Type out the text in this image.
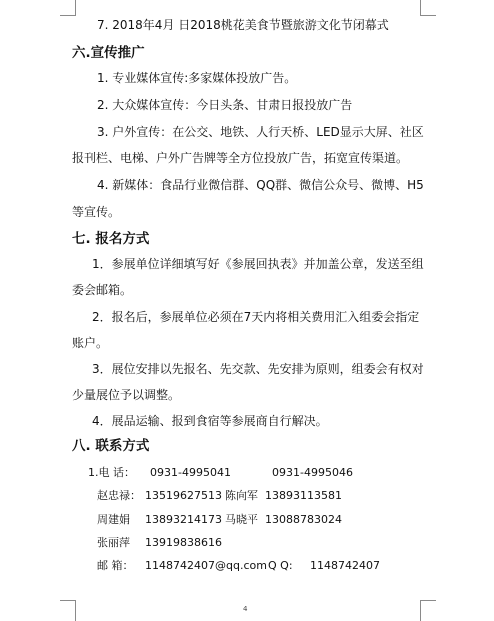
7. 2018年4月 日2018桃花美食节暨旅游文化节闭幕式
六.宣传推广
1. 专业媒体宣传:多家媒体投放广告。
2. 大众媒体宣传：今日头条、甘肃日报投放广告
3. 户外宣传：在公交、地铁、人行天桥、LED显示大屏、社区
报刊栏、电梯、户外广告牌等全方位投放广告，拓宽宣传渠道。
4. 新媒体：食品行业微信群、QQ群、微信公众号、微博、H5
等宣传。
七. 报名方式
1．参展单位详细填写好《参展回执表》并加盖公章，发送至组
委会邮箱。
2．报名后，参展单位必须在7天内将相关费用汇入组委会指定
账户。
3．展位安排以先报名、先交款、先安排为原则，组委会有权对
少量展位予以调整。
4．展品运输、报到食宿等参展商自行解决。
八. 联系方式
1.电 话： 0931-4995041	0931-4995046
赵忠禄： 13519627513 陈向军 13893113581
周建娟 13893214173 马晓平 13088783024
张丽萍 13919838616
邮 箱： 1148742407@qq.com Q Q: 1148742407
4
